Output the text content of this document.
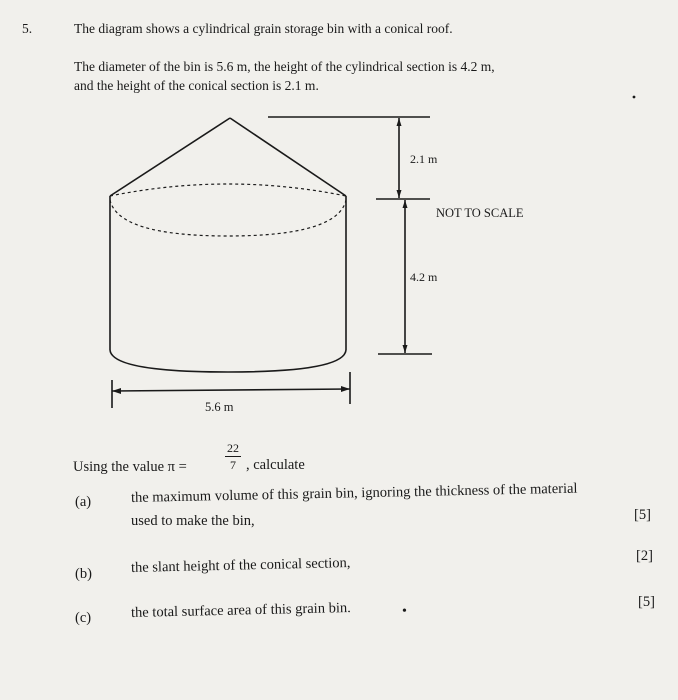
5.	The diagram shows a cylindrical grain storage bin with a conical roof.
The diameter of the bin is 5.6 m, the height of the cylindrical section is 4.2 m,
and the height of the conical section is 2.1 m.
2.1 m
4.2 m
5.6 m
NOT TO SCALE
Using the value π =
22
7 , calculate
(a)	the maximum volume of this grain bin, ignoring the thickness of the material
used to make the bin,	[5]
(b)	the slant height of the conical section,	[2]
(c)	the total surface area of this grain bin.	•
[5]
